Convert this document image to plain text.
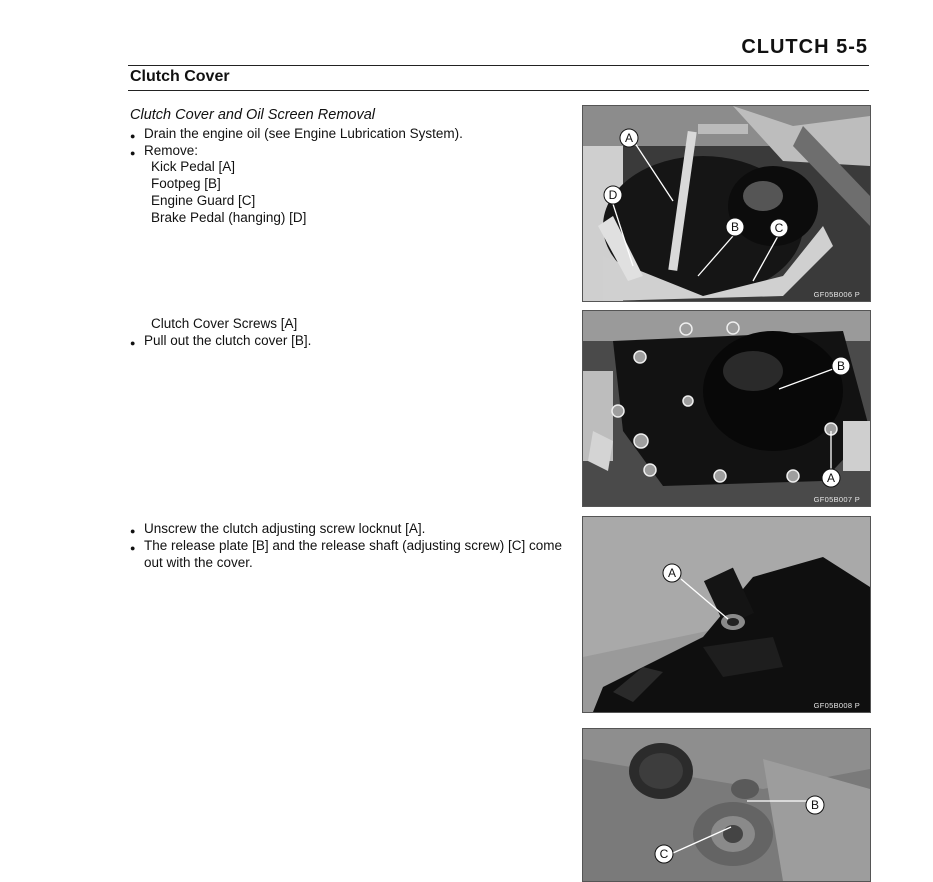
CLUTCH 5-5
Clutch Cover
Clutch Cover and Oil Screen Removal
● Drain the engine oil (see Engine Lubrication System).
● Remove:
Kick Pedal [A]
Footpeg [B]
Engine Guard [C]
Brake Pedal (hanging) [D]
Clutch Cover Screws [A]
● Pull out the clutch cover [B].
● Unscrew the clutch adjusting screw locknut [A].
● The release plate [B] and the release shaft (adjusting screw) [C] come
out with the cover.
A
B	C
D
GF05B006 P
B
A
GF05B007 P
A
GF05B008 P
B
C
